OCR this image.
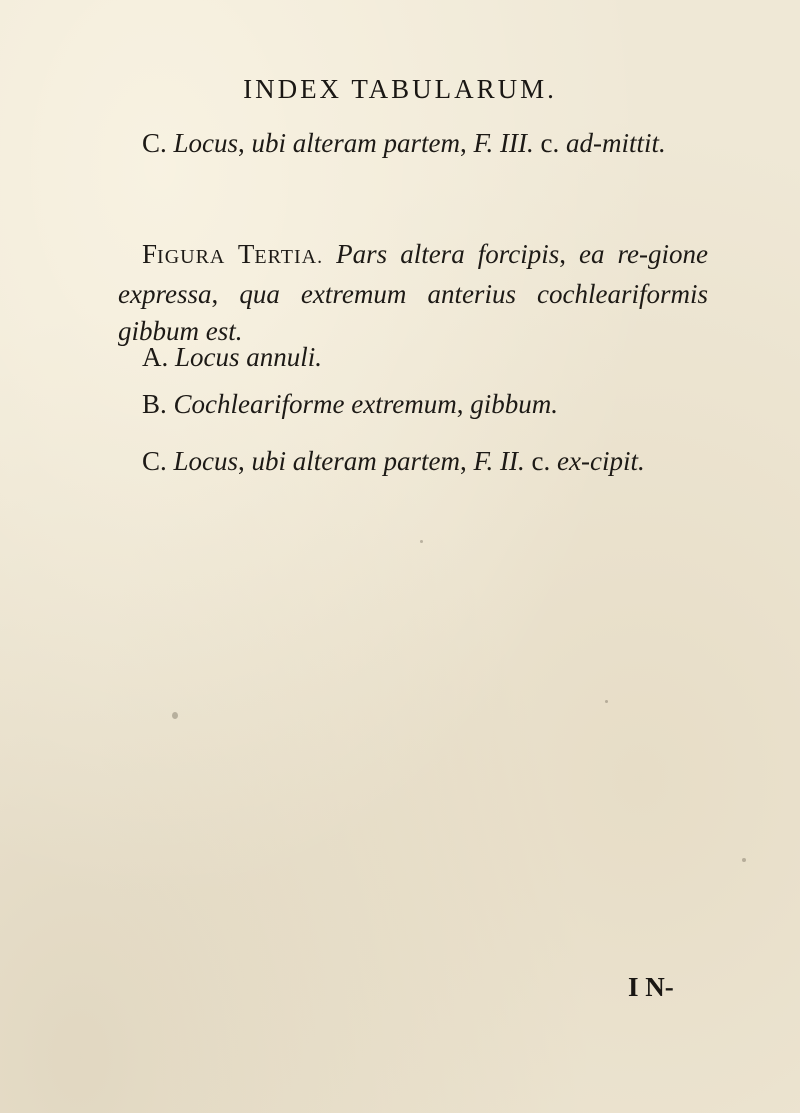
INDEX TABULARUM.
C. Locus, ubi alteram partem, F. III. c. ad-mittit.
FIGURA TERTIA. Pars altera forcipis, ea re-gione expressa, qua extremum anterius cochleariformis gibbum est.
A. Locus annuli.
B. Cochleariforme extremum, gibbum.
C. Locus, ubi alteram partem, F. II. c. ex-cipit.
I N-
